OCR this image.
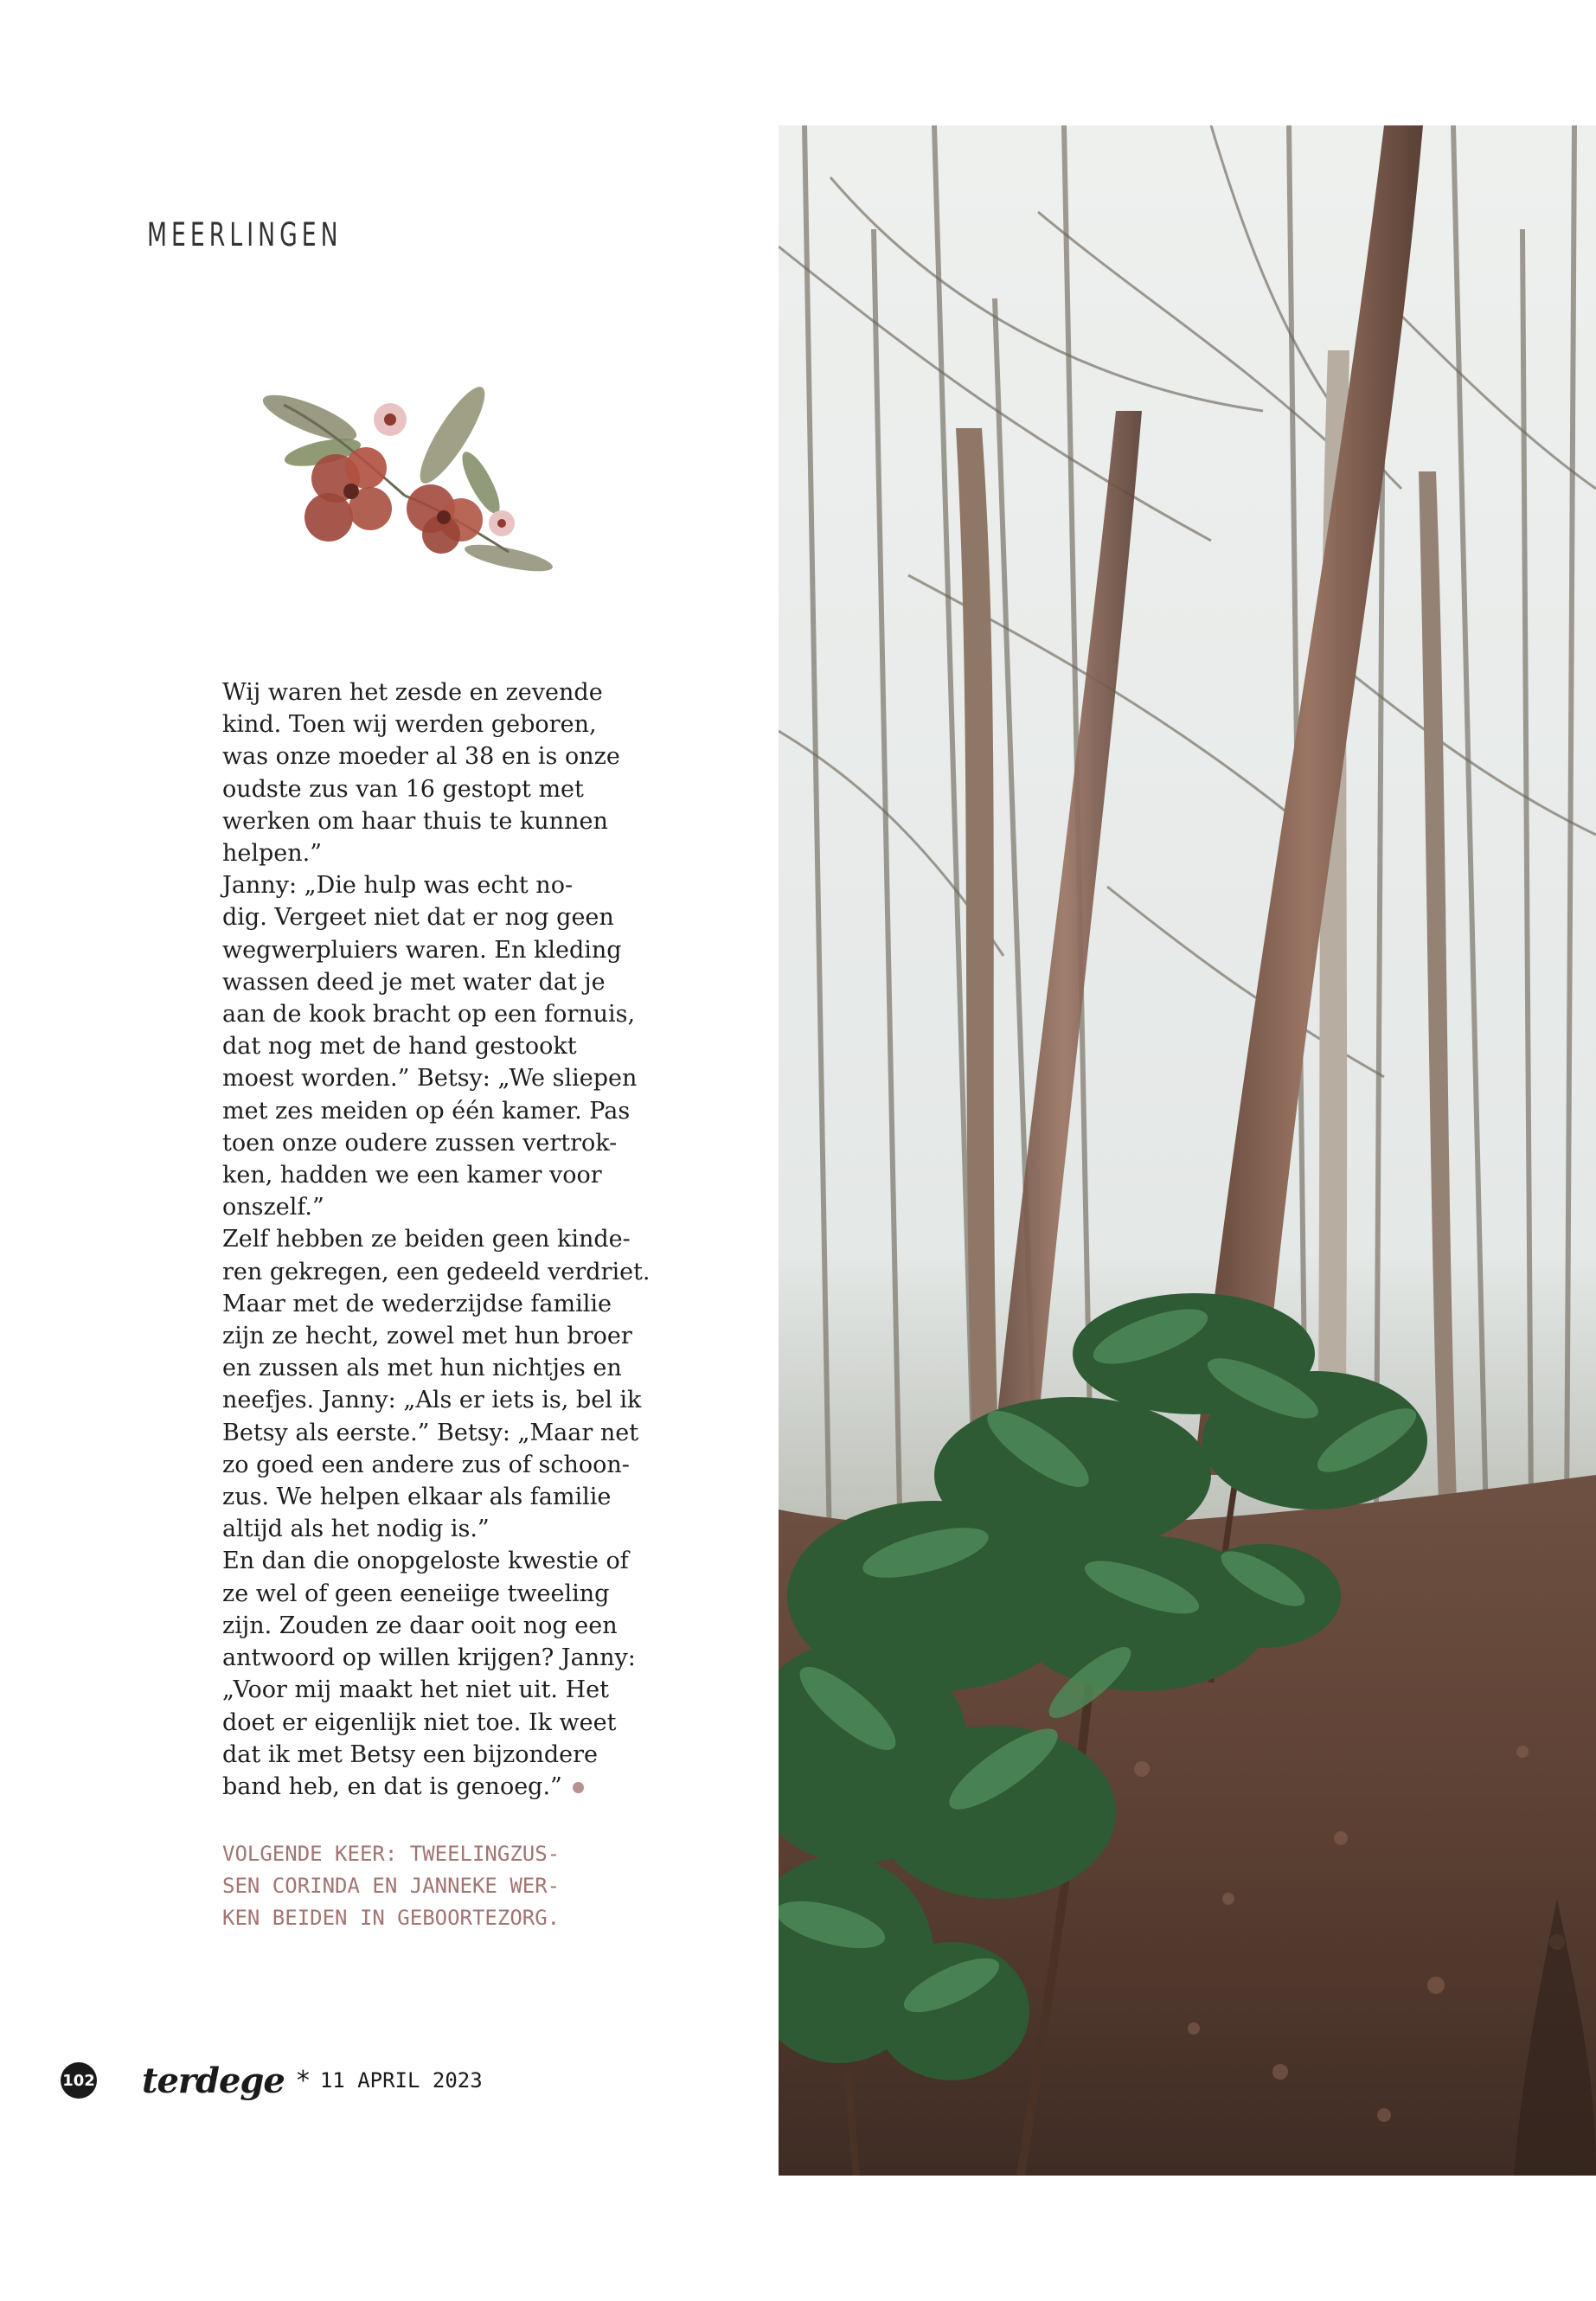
MEERLINGEN

Wij waren het zesde en zevende

kind. Toen wij werden geboren,

was onze moeder al 38 en is onze

oudste zus van 16 gestopt met

werken om haar thuis te kunnen

helpen.”

Janny: „Die hulp was echt no-

dig. Vergeet niet dat er nog geen

wegwerpluiers waren. En kleding

wassen deed je met water dat je

aan de kook bracht op een fornuis,

dat nog met de hand gestookt

moest worden.” Betsy: „We sliepen

met zes meiden op één kamer. Pas

toen onze oudere zussen vertrok-

ken, hadden we een kamer voor

onszelf.”

Zelf hebben ze beiden geen kinde-

ren gekregen, een gedeeld verdriet.

Maar met de wederzijdse familie

zijn ze hecht, zowel met hun broer

en zussen als met hun nichtjes en

neefjes. Janny: „Als er iets is, bel ik

Betsy als eerste.” Betsy: „Maar net

zo goed een andere zus of schoon-

zus. We helpen elkaar als familie

altijd als het nodig is.”

En dan die onopgeloste kwestie of

ze wel of geen eeneiige tweeling

zijn. Zouden ze daar ooit nog een

antwoord op willen krijgen? Janny:

„Voor mij maakt het niet uit. Het

doet er eigenlijk niet toe. Ik weet

dat ik met Betsy een bijzondere

band heb, en dat is genoeg.”

VOLGENDE KEER: TWEELINGZUS-

SEN CORINDA EN JANNEKE WER-

KEN BEIDEN IN GEBOORTEZORG.

102 terdege * 11 APRIL 2023
